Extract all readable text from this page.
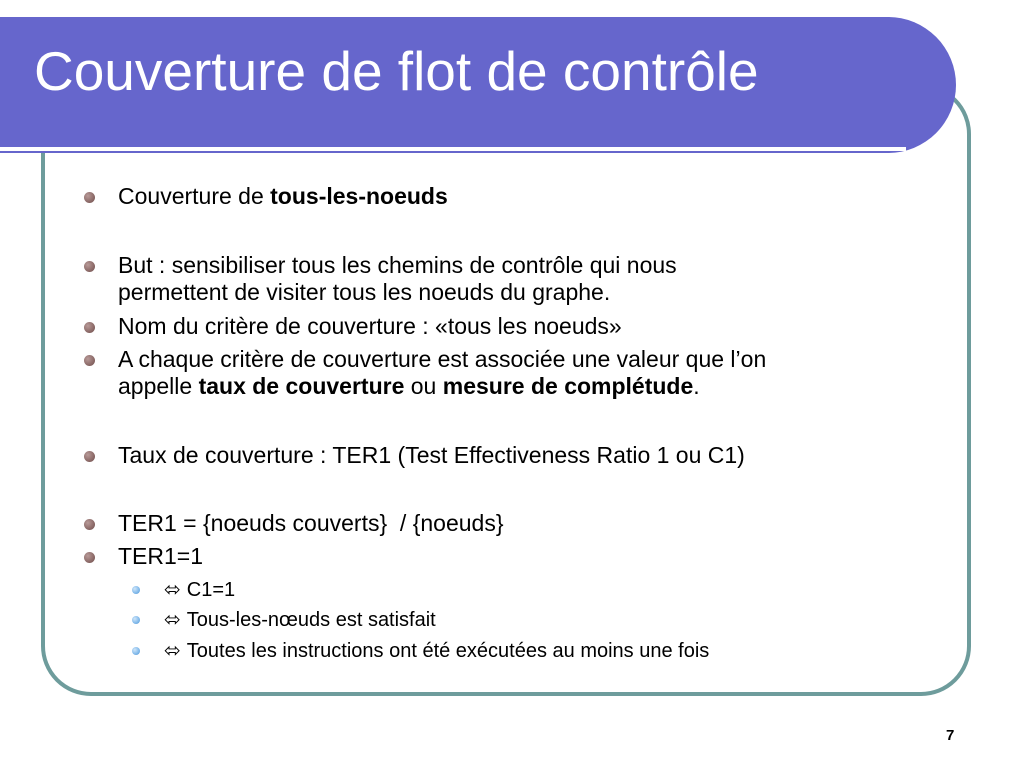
Couverture de flot de contrôle
Couverture de tous-les-noeuds
But : sensibiliser tous les chemins de contrôle qui nous
permettent de visiter tous les noeuds du graphe.
Nom du critère de couverture : «tous les noeuds»
A chaque critère de couverture est associée une valeur que l’on
appelle taux de couverture ou mesure de complétude.
Taux de couverture : TER1 (Test Effectiveness Ratio 1 ou C1)
TER1 = {noeuds couverts}  / {noeuds}
TER1=1
⬄ C1=1
⬄ Tous-les-nœuds est satisfait
⬄ Toutes les instructions ont été exécutées au moins une fois
7
